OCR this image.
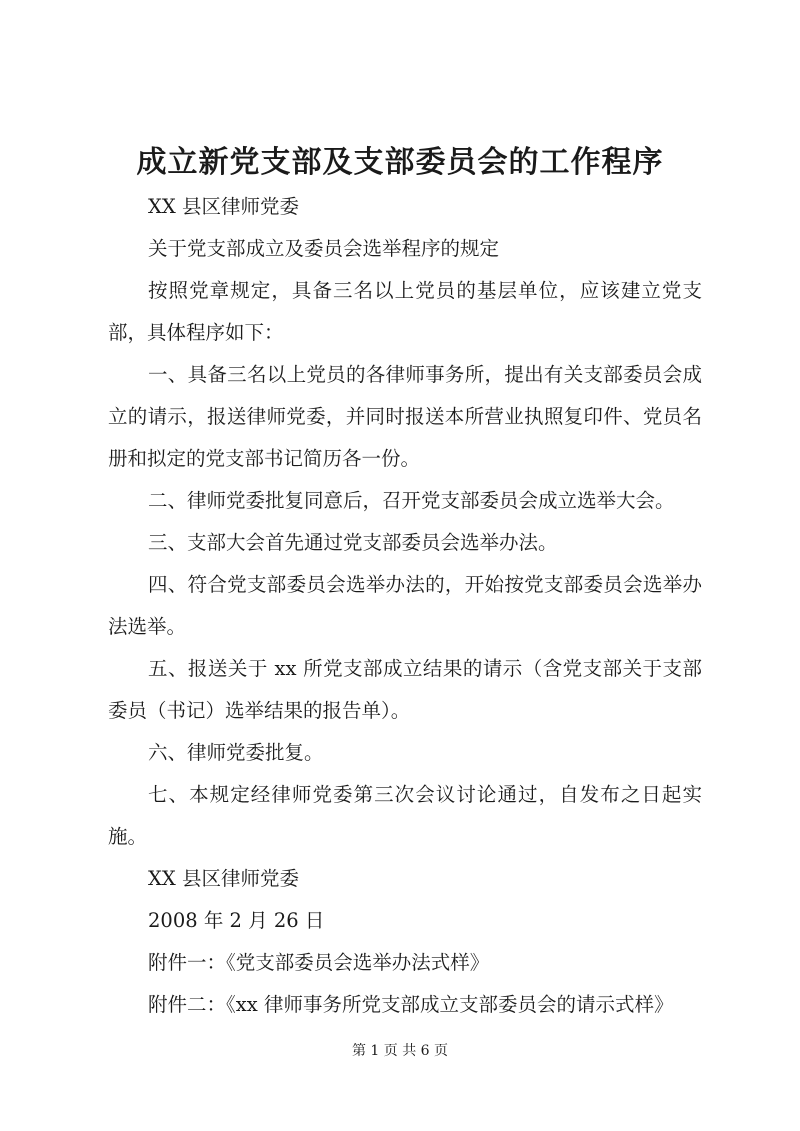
成立新党支部及支部委员会的工作程序

XX 县区律师党委

关于党支部成立及委员会选举程序的规定

按照党章规定，具备三名以上党员的基层单位，应该建立党支部，具体程序如下：

一、具备三名以上党员的各律师事务所，提出有关支部委员会成立的请示，报送律师党委，并同时报送本所营业执照复印件、党员名册和拟定的党支部书记简历各一份。

二、律师党委批复同意后，召开党支部委员会成立选举大会。

三、支部大会首先通过党支部委员会选举办法。

四、符合党支部委员会选举办法的，开始按党支部委员会选举办法选举。

五、报送关于 xx 所党支部成立结果的请示（含党支部关于支部委员（书记）选举结果的报告单）。

六、律师党委批复。

七、本规定经律师党委第三次会议讨论通过，自发布之日起实施。

XX 县区律师党委

2008 年 2 月 26 日

附件一：《党支部委员会选举办法式样》

附件二：《xx 律师事务所党支部成立支部委员会的请示式样》

第 1 页 共 6 页
